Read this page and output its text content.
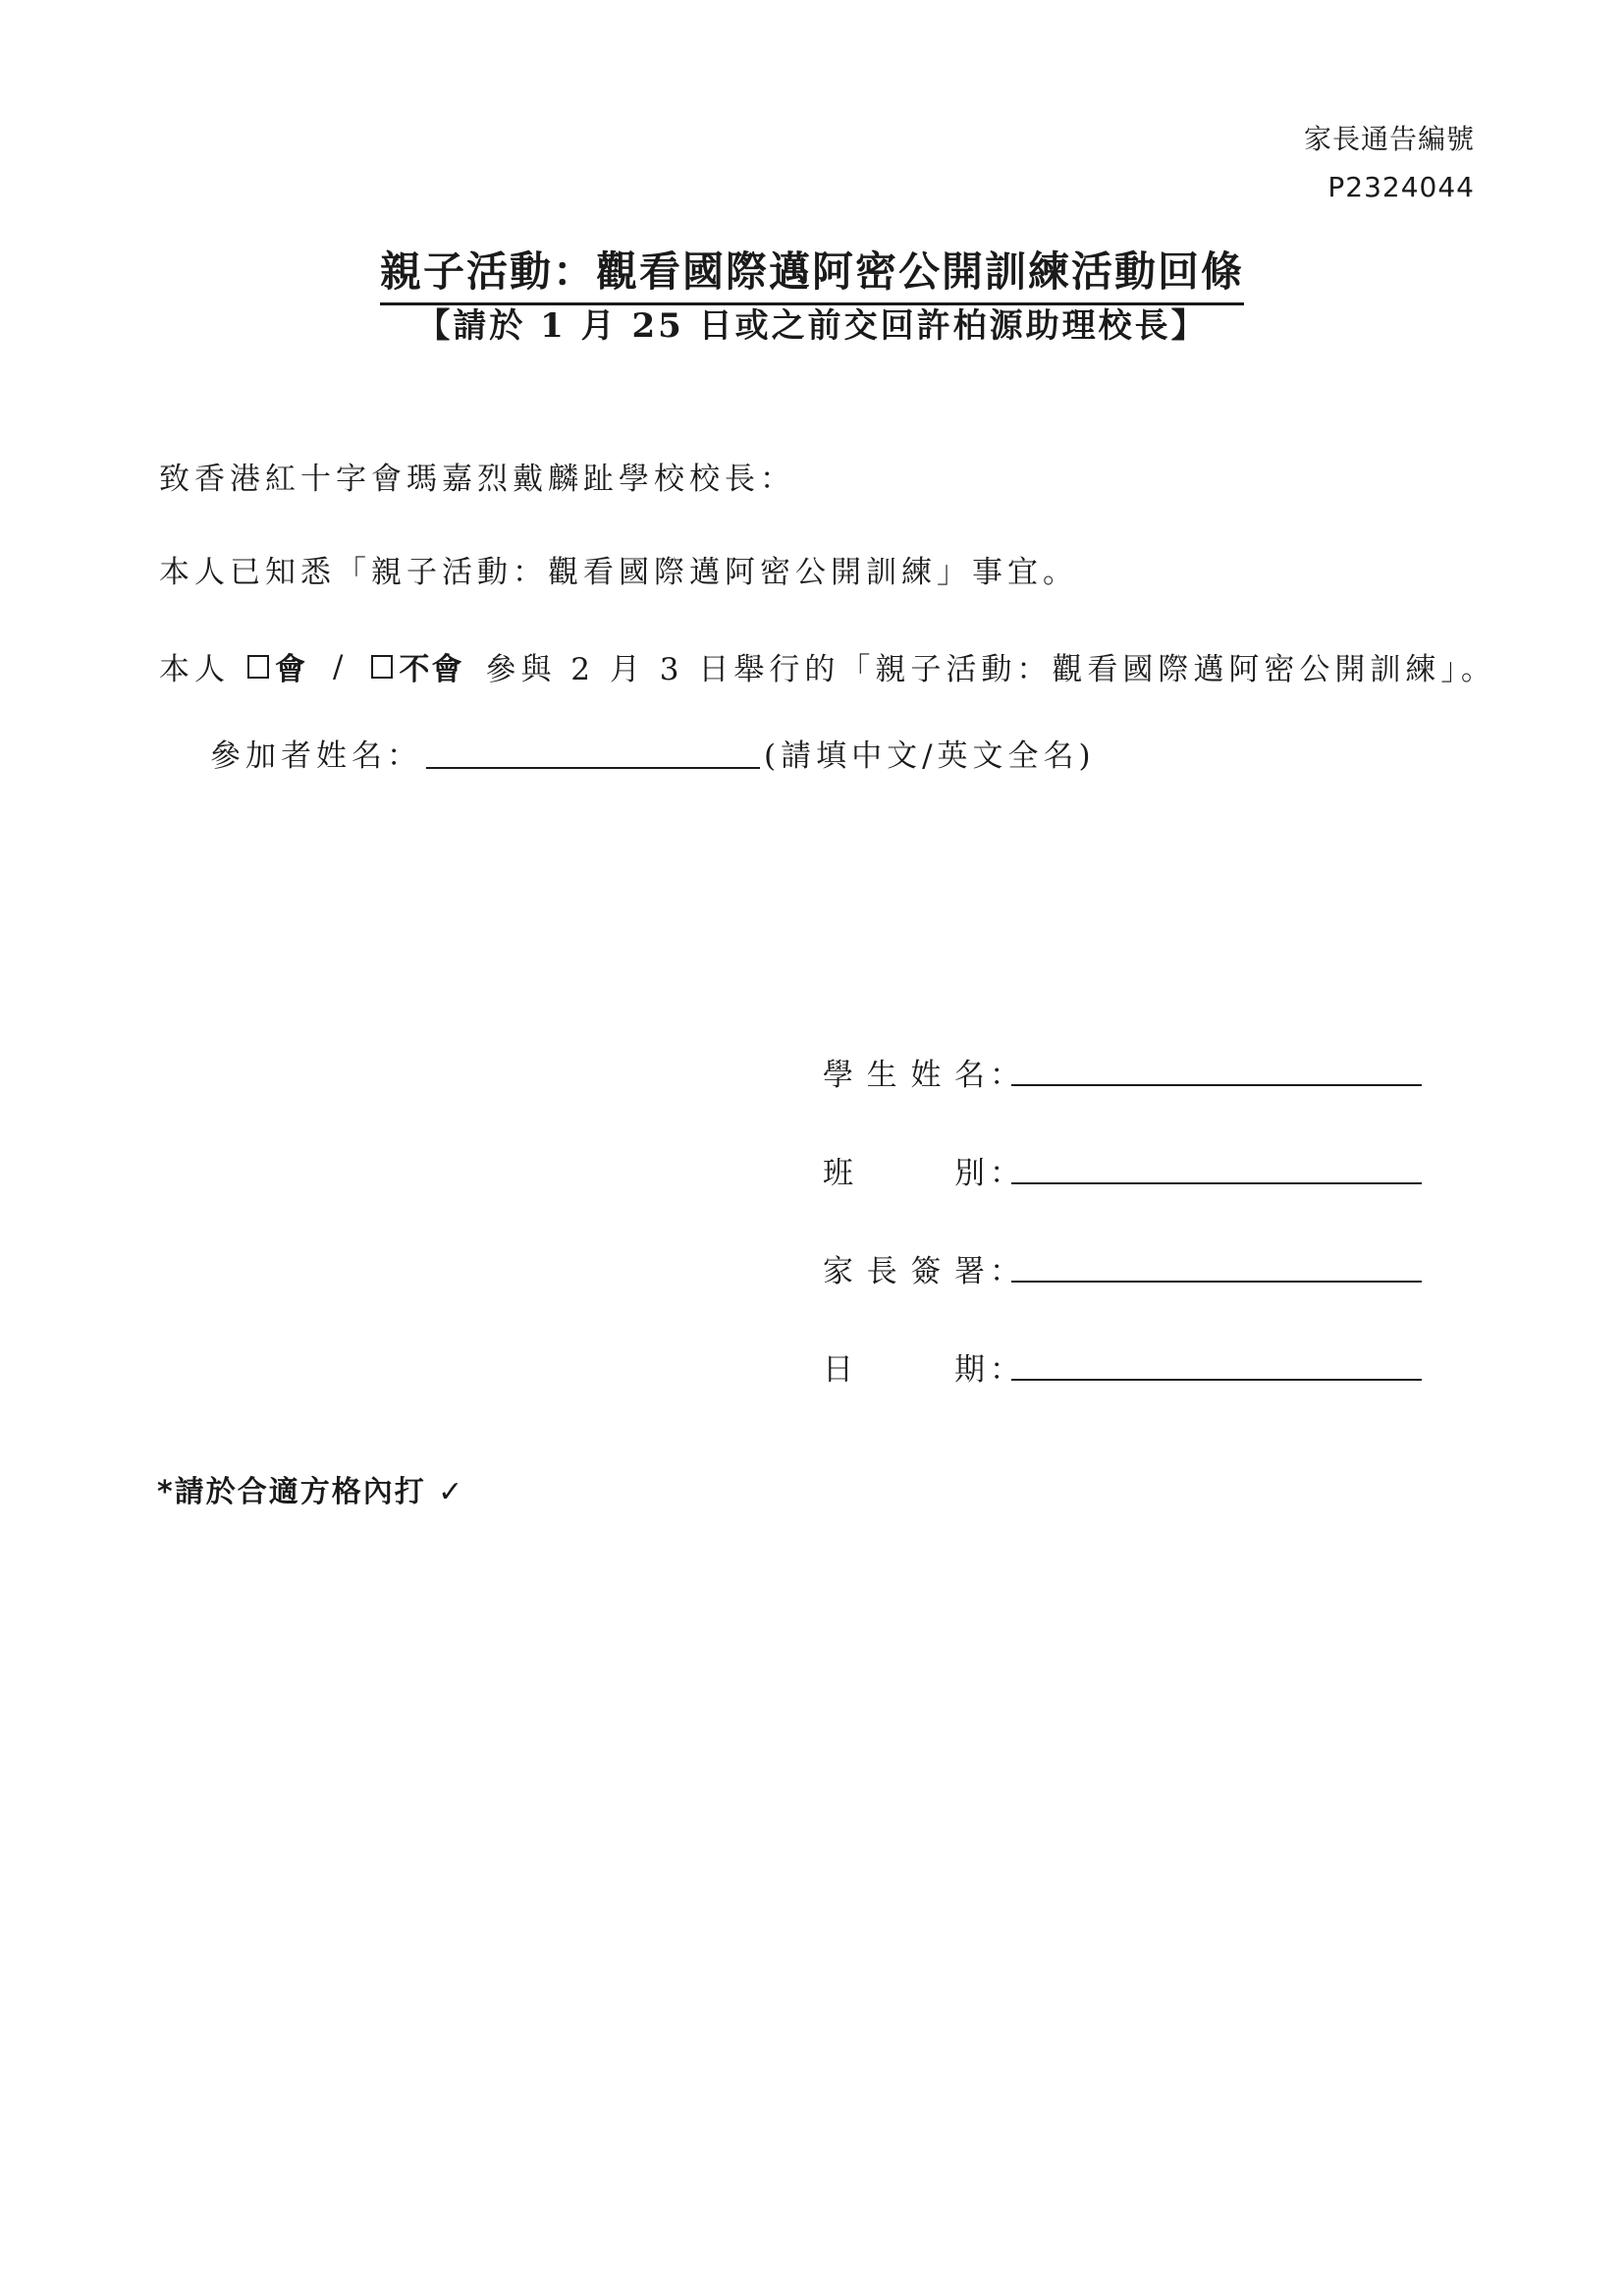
家長通告編號
P2324044
親子活動：觀看國際邁阿密公開訓練活動回條
【請於 1 月 25 日或之前交回許柏源助理校長】
致香港紅十字會瑪嘉烈戴麟趾學校校長：
本人已知悉「親子活動：觀看國際邁阿密公開訓練」事宜。
本人 會 / 不會 參與 2 月 3 日舉行的「親子活動：觀看國際邁阿密公開訓練」。
參加者姓名：	(請填中文/英文全名)
學生姓名 ：
班　　別 ：
家長簽署 ：
日　　期 ：
*請於合適方格內打 ✓
